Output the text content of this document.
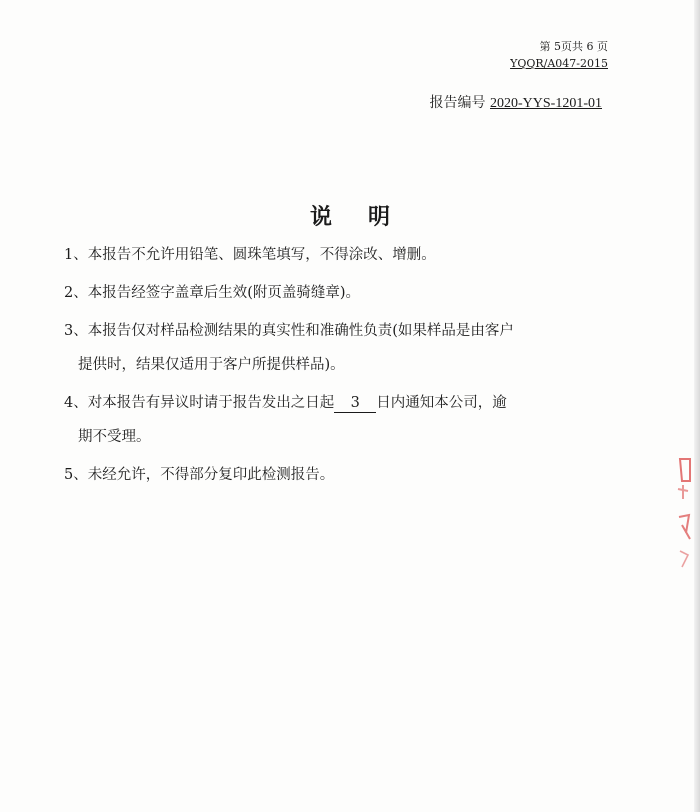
第 5页共 6 页
YQQR/A047-2015
报告编号 2020-YYS-1201-01
说明
1、本报告不允许用铅笔、圆珠笔填写，不得涂改、增删。
2、本报告经签字盖章后生效(附页盖骑缝章)。
3、本报告仅对样品检测结果的真实性和准确性负责(如果样品是由客户
提供时，结果仅适用于客户所提供样品)。
4、对本报告有异议时请于报告发出之日起 3 日内通知本公司，逾
期不受理。
5、未经允许，不得部分复印此检测报告。
